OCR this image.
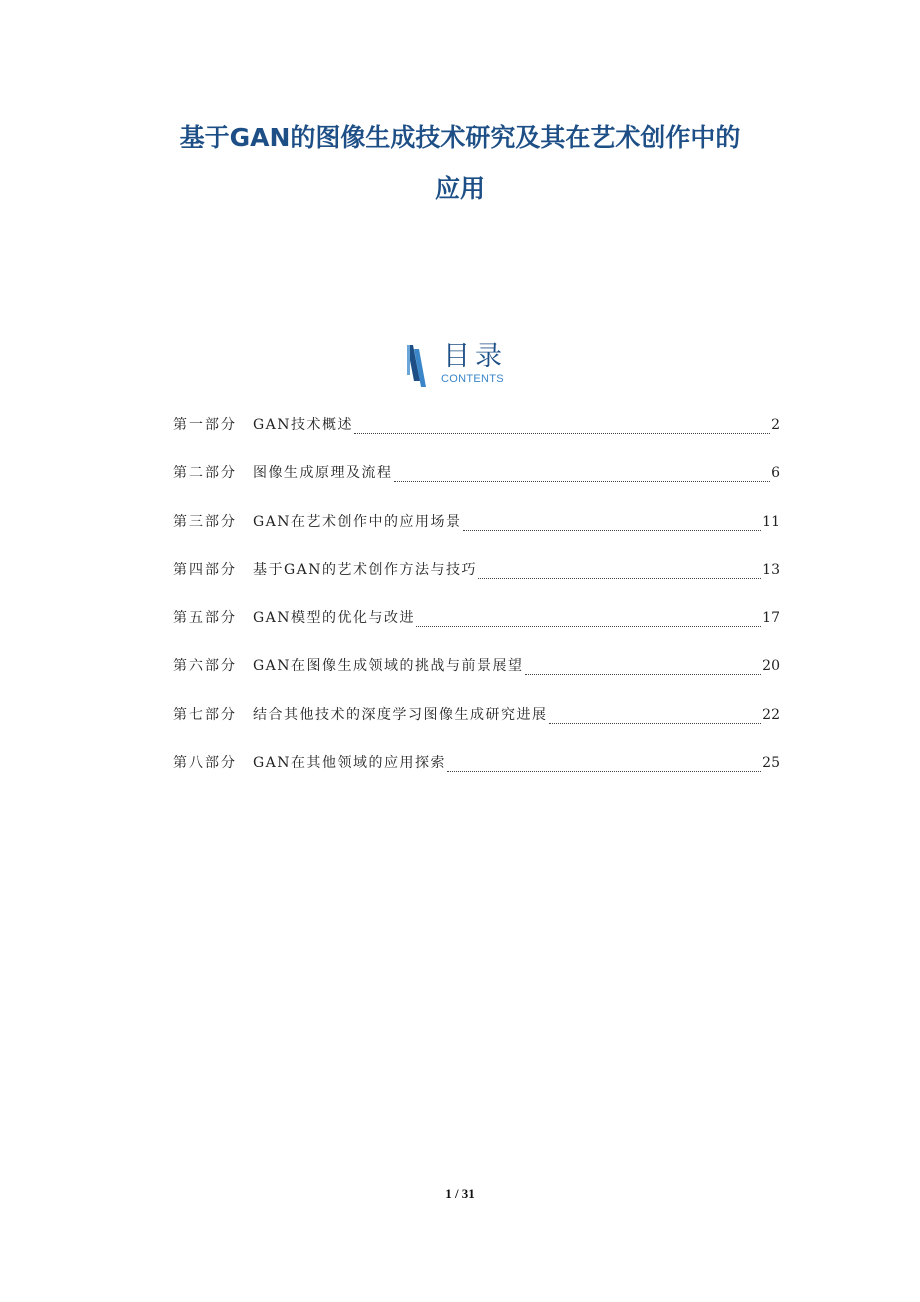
基于GAN的图像生成技术研究及其在艺术创作中的
应用
目录
CONTENTS
第一部分	GAN技术概述	2
第二部分	图像生成原理及流程	6
第三部分	GAN在艺术创作中的应用场景	11
第四部分	基于GAN的艺术创作方法与技巧	13
第五部分	GAN模型的优化与改进	17
第六部分	GAN在图像生成领域的挑战与前景展望	20
第七部分	结合其他技术的深度学习图像生成研究进展	22
第八部分	GAN在其他领域的应用探索	25
1 / 31
